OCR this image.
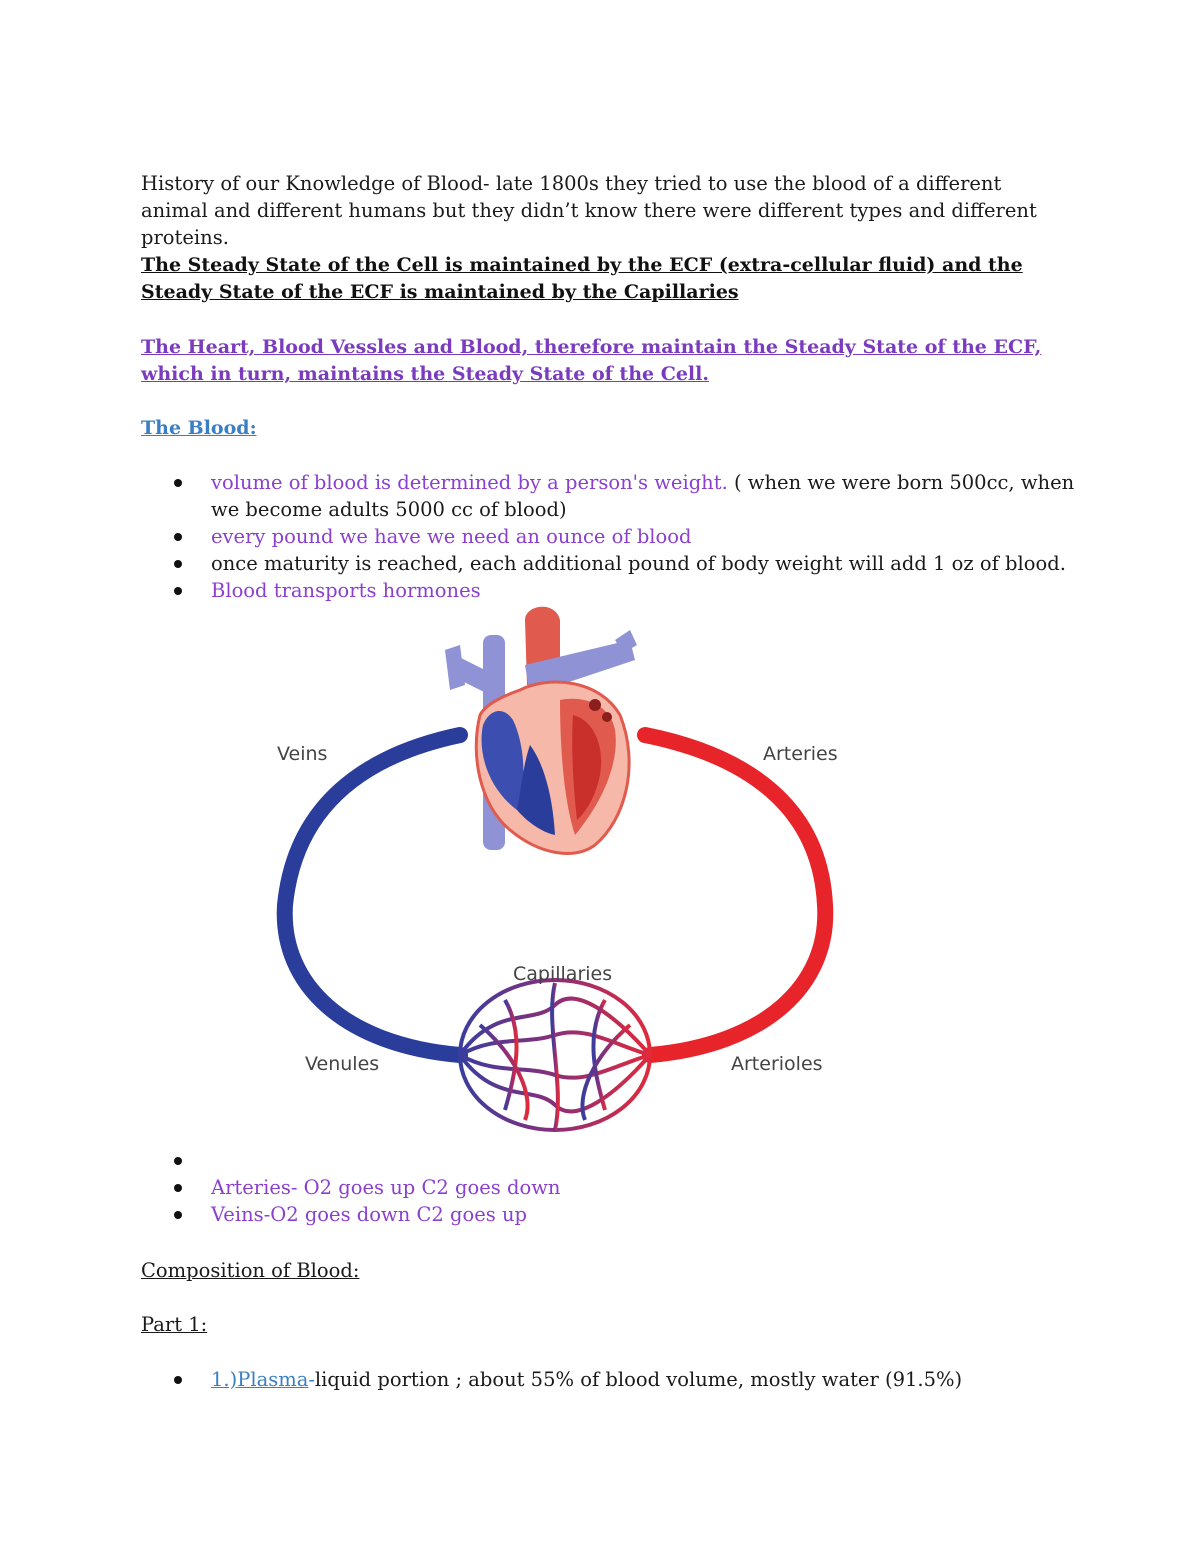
History of our Knowledge of Blood- late 1800s they tried to use the blood of a different animal and different humans but they didn’t know there were different types and different proteins.

The Steady State of the Cell is maintained by the ECF (extra-cellular fluid) and the Steady State of the ECF is maintained by the Capillaries

The Heart, Blood Vessles and Blood, therefore maintain the Steady State of the ECF, which in turn, maintains the Steady State of the Cell.

The Blood:

volume of blood is determined by a person's weight. ( when we were born 500cc, when we become adults 5000 cc of blood)
every pound we have we need an ounce of blood
once maturity is reached, each additional pound of body weight will add 1 oz of blood.
Blood transports hormones
Veins	Arteries
Capillaries
Venules	Arterioles
Arteries- O2 goes up C2 goes down
Veins-O2 goes down C2 goes up

Composition of Blood:

Part 1:

1.)Plasma-liquid portion ; about 55% of blood volume, mostly water (91.5%)
